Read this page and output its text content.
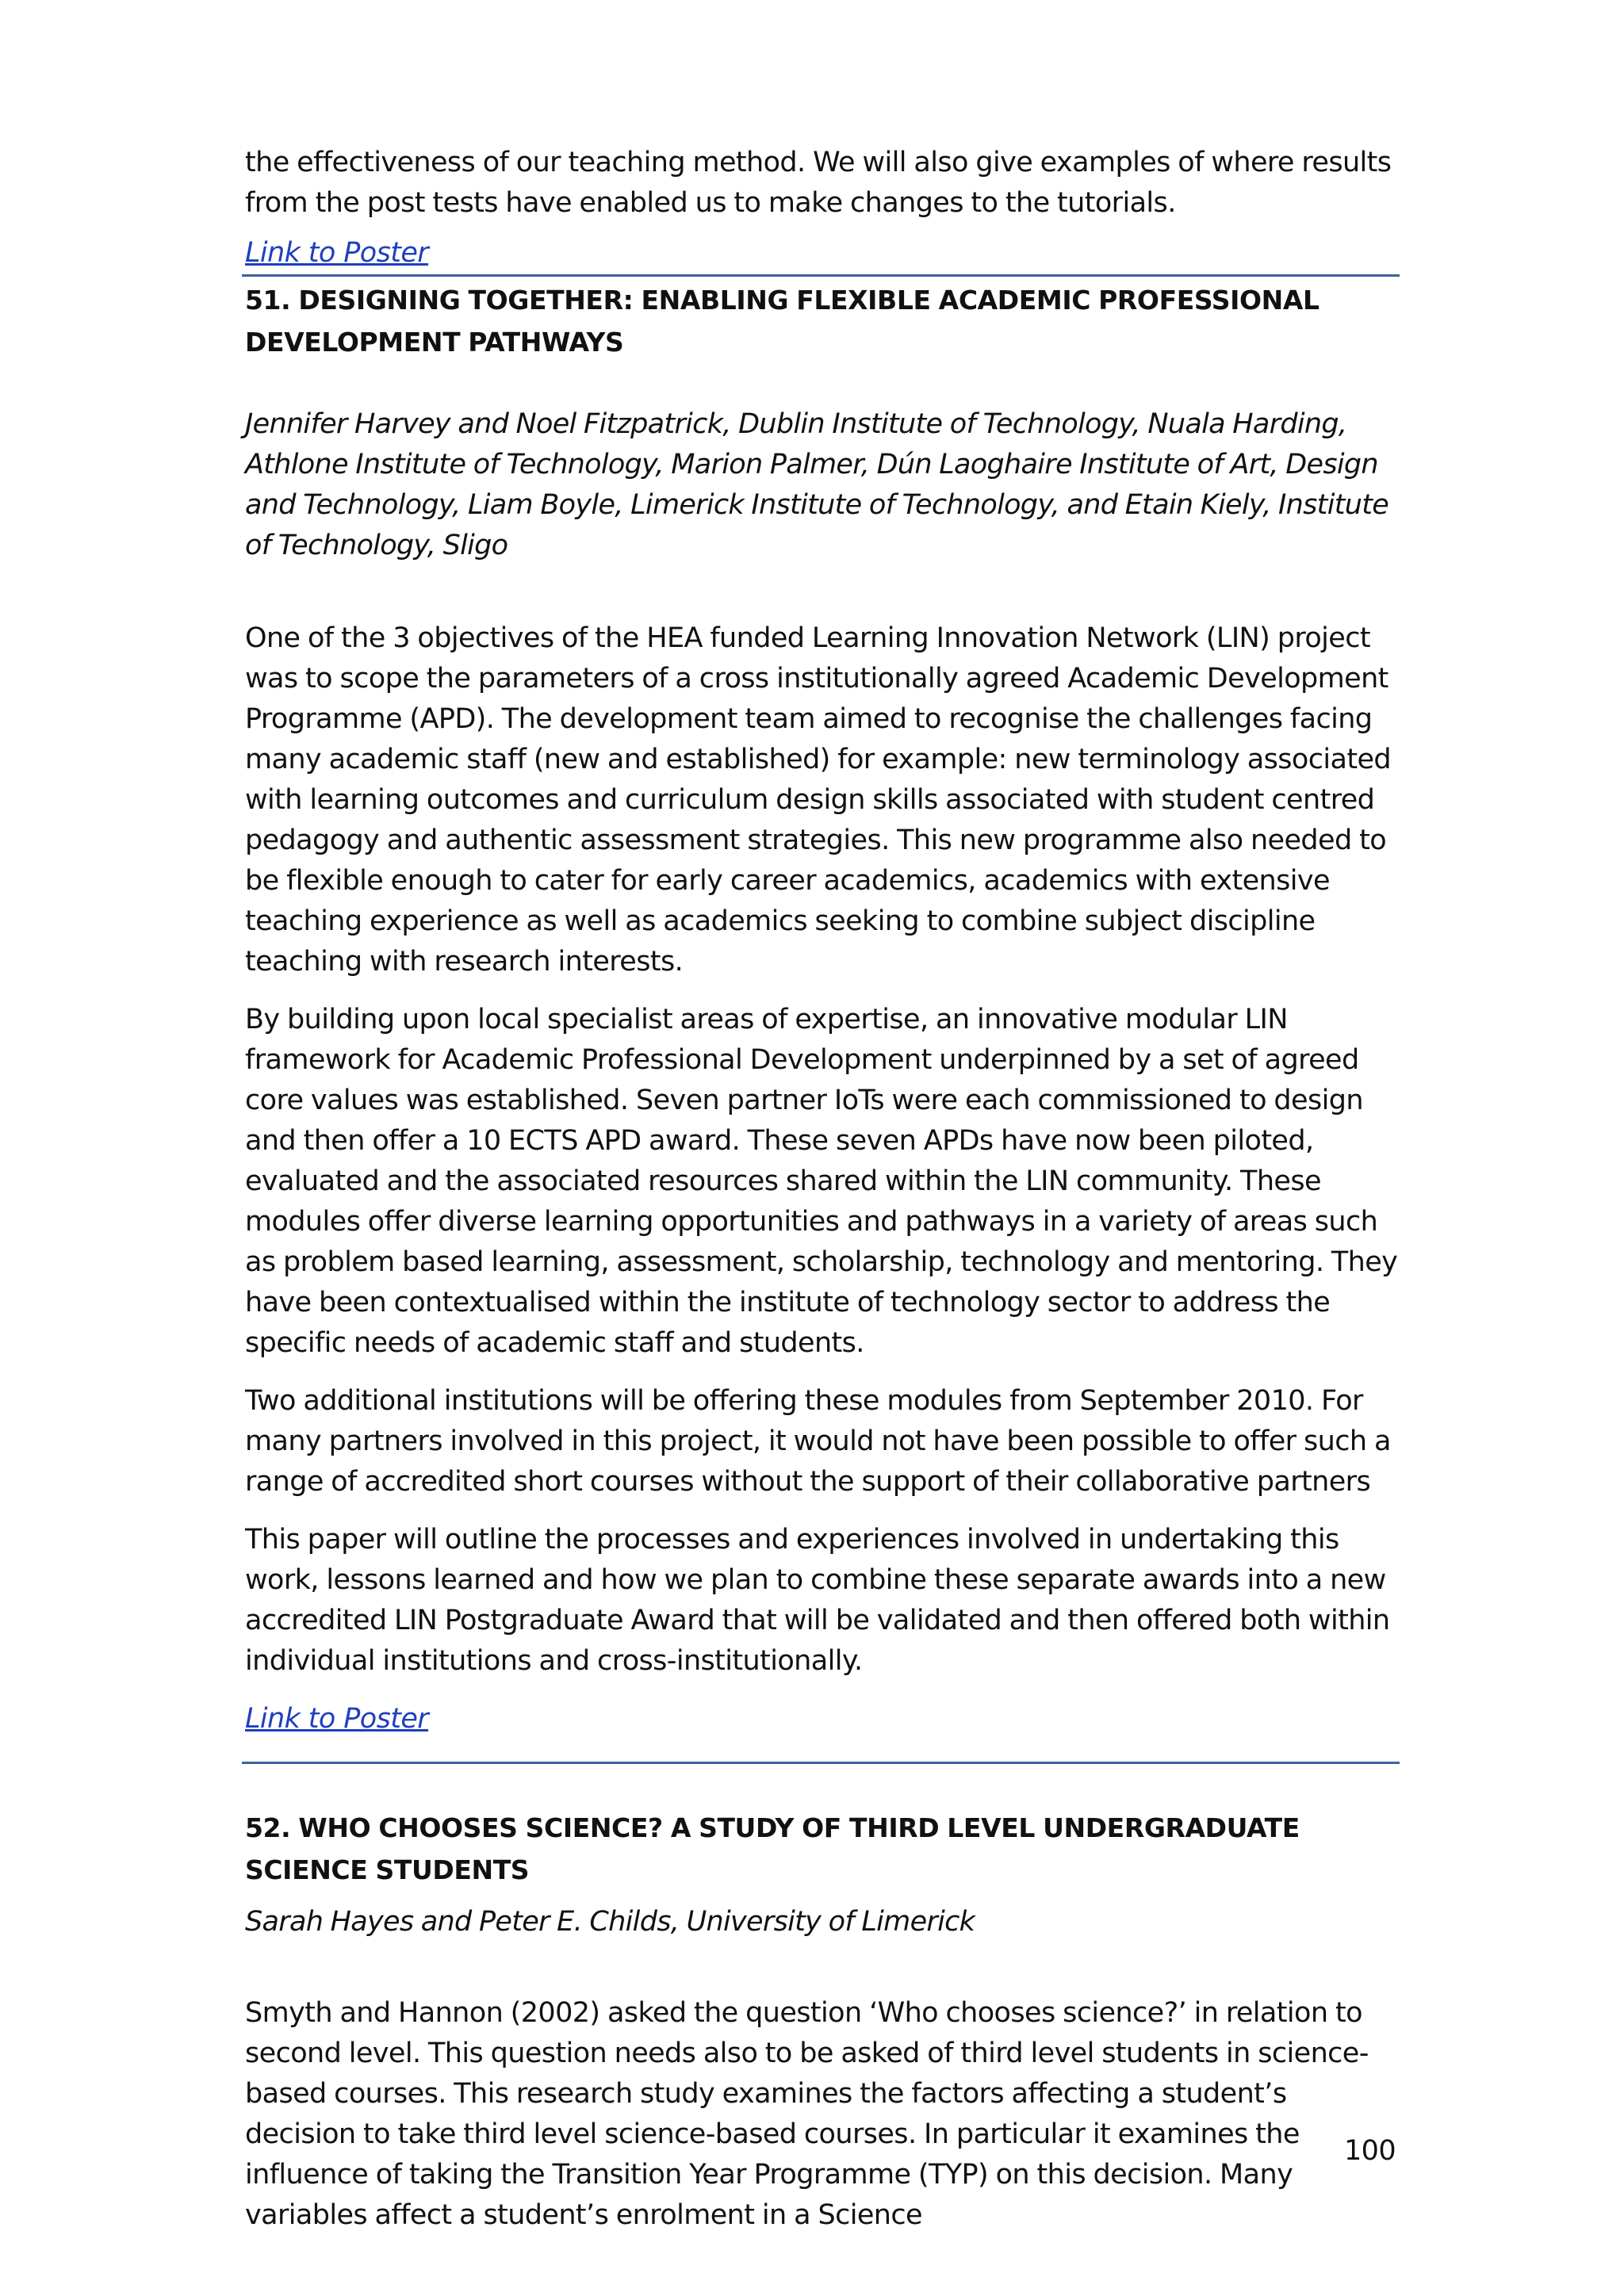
the effectiveness of our teaching method. We will also give examples of where results from the post tests have enabled us to make changes to the tutorials.

Link to Poster
51. DESIGNING TOGETHER: ENABLING FLEXIBLE ACADEMIC PROFESSIONAL DEVELOPMENT PATHWAYS

Jennifer Harvey and Noel Fitzpatrick, Dublin Institute of Technology, Nuala Harding, Athlone Institute of Technology, Marion Palmer, Dún Laoghaire Institute of Art, Design and Technology, Liam Boyle, Limerick Institute of Technology, and Etain Kiely, Institute of Technology, Sligo

One of the 3 objectives of the HEA funded Learning Innovation Network (LIN) project was to scope the parameters of a cross institutionally agreed Academic Development Programme (APD). The development team aimed to recognise the challenges facing many academic staff (new and established) for example: new terminology associated with learning outcomes and curriculum design skills associated with student centred pedagogy and authentic assessment strategies. This new programme also needed to be flexible enough to cater for early career academics, academics with extensive teaching experience as well as academics seeking to combine subject discipline teaching with research interests.

By building upon local specialist areas of expertise, an innovative modular LIN framework for Academic Professional Development underpinned by a set of agreed core values was established. Seven partner IoTs were each commissioned to design and then offer a 10 ECTS APD award. These seven APDs have now been piloted, evaluated and the associated resources shared within the LIN community. These modules offer diverse learning opportunities and pathways in a variety of areas such as problem based learning, assessment, scholarship, technology and mentoring. They have been contextualised within the institute of technology sector to address the specific needs of academic staff and students.

Two additional institutions will be offering these modules from September 2010. For many partners involved in this project, it would not have been possible to offer such a range of accredited short courses without the support of their collaborative partners

This paper will outline the processes and experiences involved in undertaking this work, lessons learned and how we plan to combine these separate awards into a new accredited LIN Postgraduate Award that will be validated and then offered both within individual institutions and cross-institutionally.

Link to Poster
52. WHO CHOOSES SCIENCE? A STUDY OF THIRD LEVEL UNDERGRADUATE SCIENCE STUDENTS

Sarah Hayes and Peter E. Childs, University of Limerick

Smyth and Hannon (2002) asked the question ‘Who chooses science?’ in relation to second level. This question needs also to be asked of third level students in science-based courses. This research study examines the factors affecting a student’s decision to take third level science-based courses. In particular it examines the influence of taking the Transition Year Programme (TYP) on this decision. Many variables affect a student’s enrolment in a Science

100
